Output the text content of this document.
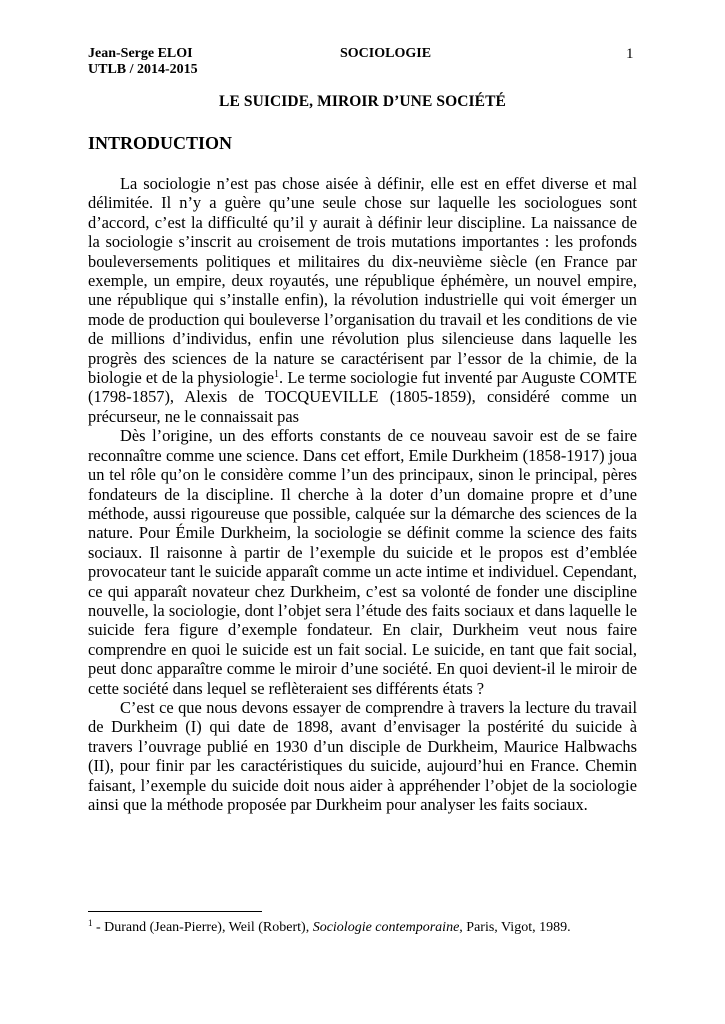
Jean-Serge ELOI
UTLB / 2014-2015
SOCIOLOGIE	1
LE SUICIDE, MIROIR D’UNE SOCIÉTÉ
INTRODUCTION

La sociologie n’est pas chose aisée à définir, elle est en effet diverse et mal délimitée. Il n’y a guère qu’une seule chose sur laquelle les sociologues sont d’accord, c’est la difficulté qu’il y aurait à définir leur discipline. La naissance de la sociologie s’inscrit au croisement de trois mutations importantes : les profonds bouleversements politiques et militaires du dix-neuvième siècle (en France par exemple, un empire, deux royautés, une république éphémère, un nouvel empire, une république qui s’installe enfin), la révolution industrielle qui voit émerger un mode de production qui bouleverse l’organisation du travail et les conditions de vie de millions d’individus, enfin une révolution plus silencieuse dans laquelle les progrès des sciences de la nature se caractérisent par l’essor de la chimie, de la biologie et de la physiologie$^1$. Le terme sociologie fut inventé par Auguste COMTE (1798-1857), Alexis de TOCQUEVILLE (1805-1859), considéré comme un précurseur, ne le connaissait pas

Dès l’origine, un des efforts constants de ce nouveau savoir est de se faire reconnaître comme une science. Dans cet effort, Emile Durkheim (1858-1917) joua un tel rôle qu’on le considère comme l’un des principaux, sinon le principal, pères fondateurs de la discipline. Il cherche à la doter d’un domaine propre et d’une méthode, aussi rigoureuse que possible, calquée sur la démarche des sciences de la nature. Pour Émile Durkheim, la sociologie se définit comme la science des faits sociaux. Il raisonne à partir de l’exemple du suicide et le propos est d’emblée provocateur tant le suicide apparaît comme un acte intime et individuel. Cependant, ce qui apparaît novateur chez Durkheim, c’est sa volonté de fonder une discipline nouvelle, la sociologie, dont l’objet sera l’étude des faits sociaux et dans laquelle le suicide fera figure d’exemple fondateur. En clair, Durkheim veut nous faire comprendre en quoi le suicide est un fait social. Le suicide, en tant que fait social, peut donc apparaître comme le miroir d’une société. En quoi devient-il le miroir de cette société dans lequel se reflèteraient ses différents états ?

C’est ce que nous devons essayer de comprendre à travers la lecture du travail de Durkheim (I) qui date de 1898, avant d’envisager la postérité du suicide à travers l’ouvrage publié en 1930 d’un disciple de Durkheim, Maurice Halbwachs (II), pour finir par les caractéristiques du suicide, aujourd’hui en France. Chemin faisant, l’exemple du suicide doit nous aider à appréhender l’objet de la sociologie ainsi que la méthode proposée par Durkheim pour analyser les faits sociaux.

$^1$ - Durand (Jean-Pierre), Weil (Robert), Sociologie contemporaine, Paris, Vigot, 1989.
